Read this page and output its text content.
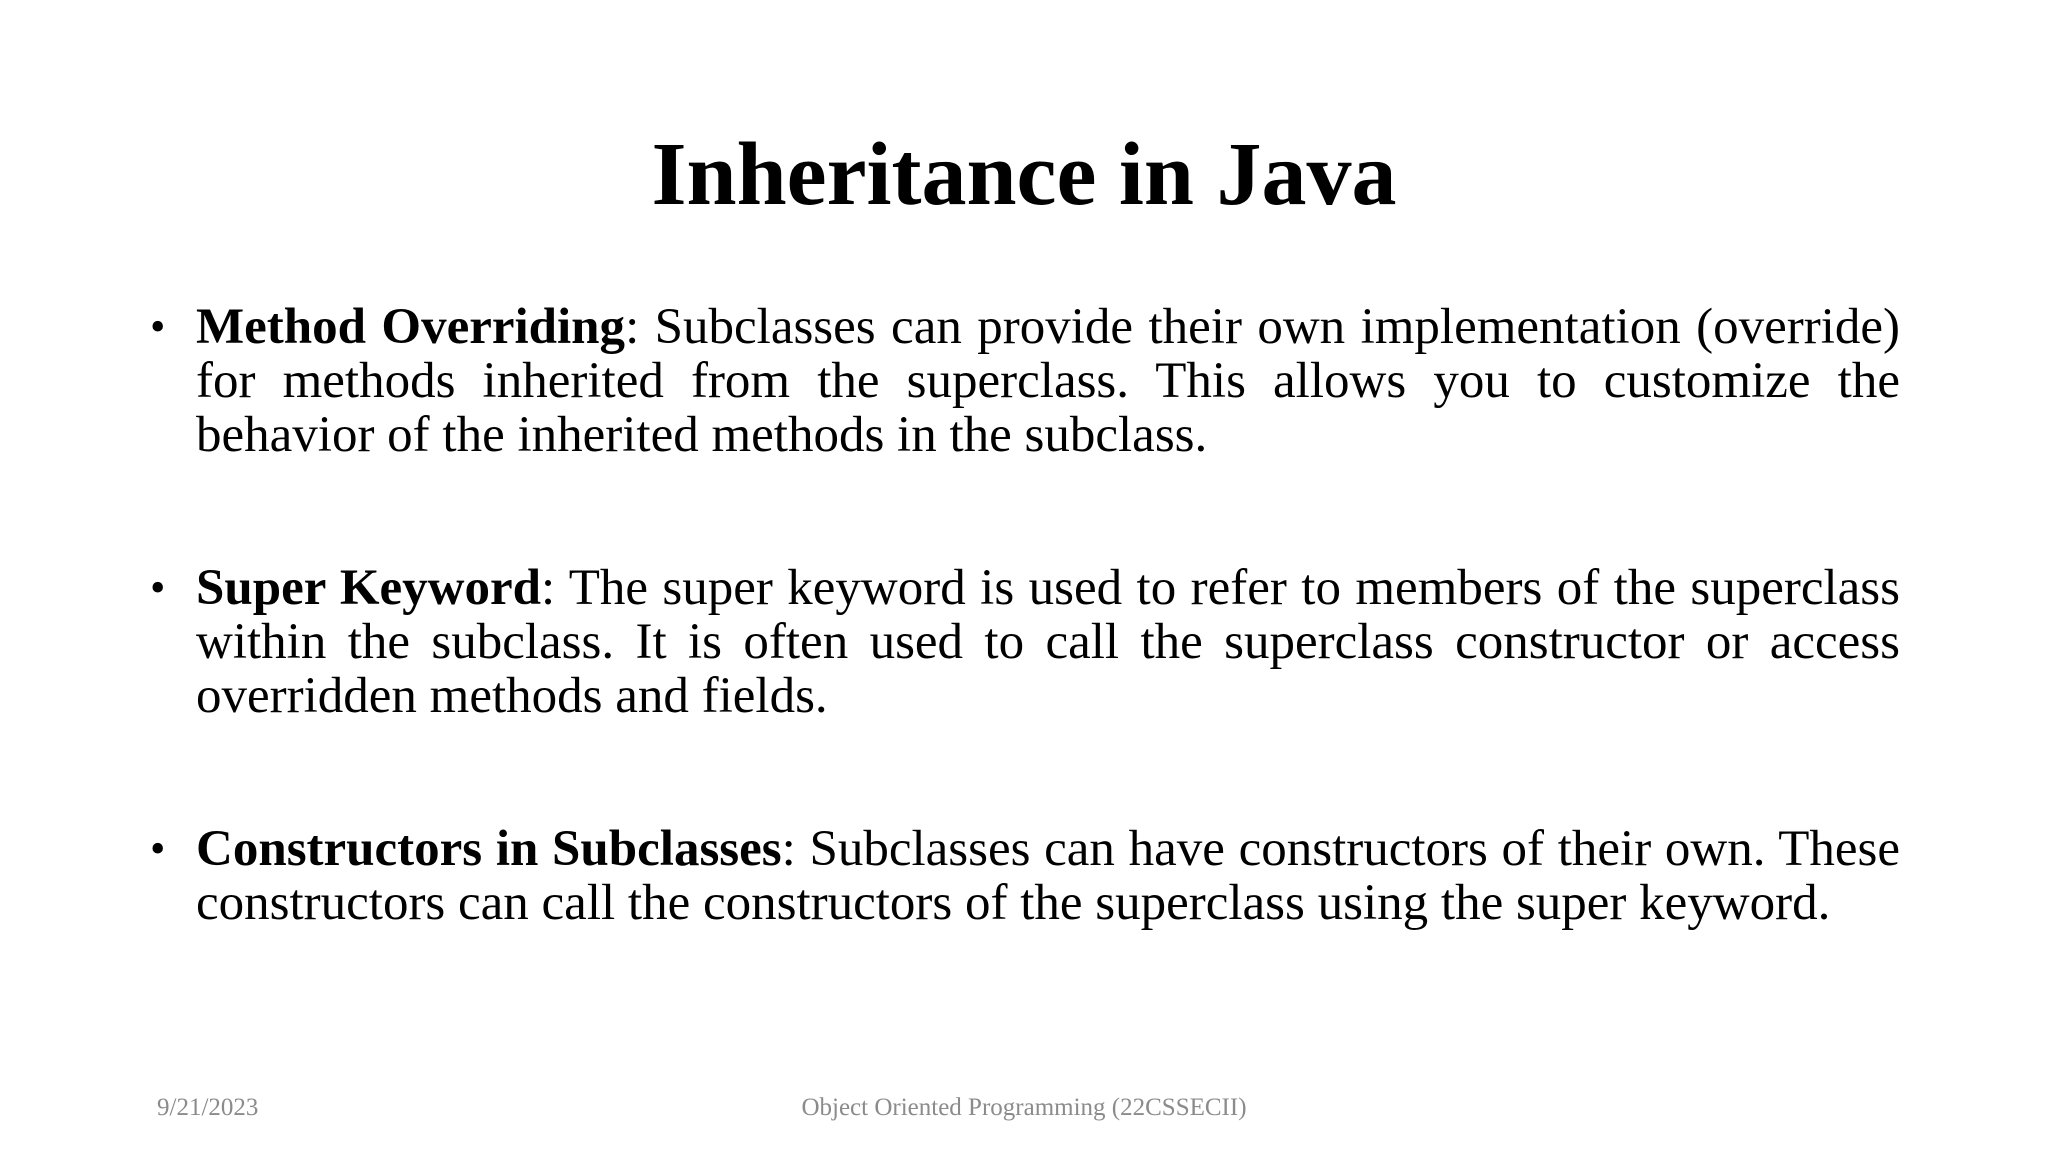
Inheritance in Java
• Method Overriding: Subclasses can provide their own implementation (override) for methods inherited from the superclass. This allows you to customize the behavior of the inherited methods in the subclass.
• Super Keyword: The super keyword is used to refer to members of the superclass within the subclass. It is often used to call the superclass constructor or access overridden methods and fields.
• Constructors in Subclasses: Subclasses can have constructors of their own. These constructors can call the constructors of the superclass using the super keyword.
9/21/2023	Object Oriented Programming (22CSSECII)
